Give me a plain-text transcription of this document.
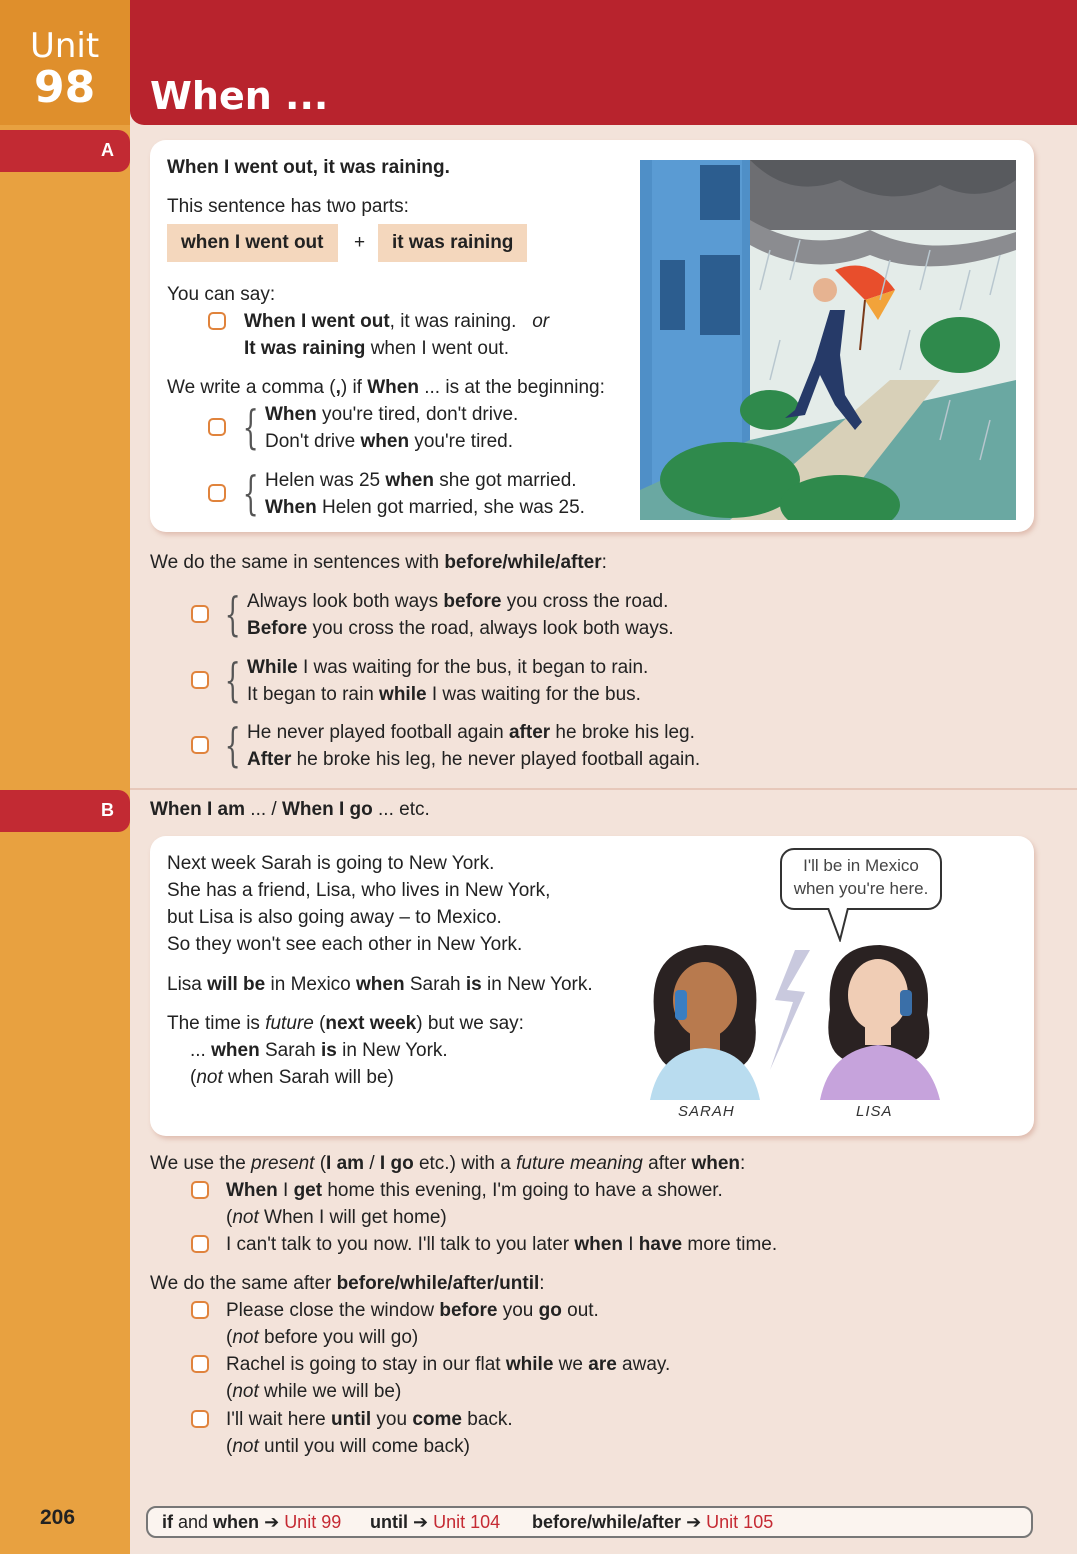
Unit
98
A
B
206
When ...
When I went out, it was raining.
This sentence has two parts:
when I went out	+	it was raining
You can say:
When I went out, it was raining. or
It was raining when I went out.
We write a comma (,) if When ... is at the beginning:
{ When you're tired, don't drive.
Don't drive when you're tired.
{ Helen was 25 when she got married.
When Helen got married, she was 25.
We do the same in sentences with before/while/after:
{ Always look both ways before you cross the road.
Before you cross the road, always look both ways.
{ While I was waiting for the bus, it began to rain.
It began to rain while I was waiting for the bus.
{ He never played football again after he broke his leg.
After he broke his leg, he never played football again.
When I am ... / When I go ... etc.
Next week Sarah is going to New York.
She has a friend, Lisa, who lives in New York,
but Lisa is also going away – to Mexico.
So they won't see each other in New York.
Lisa will be in Mexico when Sarah is in New York.
The time is future (next week) but we say:
... when Sarah is in New York.
(not when Sarah will be)
I'll be in Mexico when you're here.
SARAH	LISA
We use the present (I am / I go etc.) with a future meaning after when:
When I get home this evening, I'm going to have a shower.
(not When I will get home)
I can't talk to you now. I'll talk to you later when I have more time.
We do the same after before/while/after/until:
Please close the window before you go out.
(not before you will go)
Rachel is going to stay in our flat while we are away.
(not while we will be)
I'll wait here until you come back.
(not until you will come back)
if and when ➔ Unit 99 until ➔ Unit 104 before/while/after ➔ Unit 105
